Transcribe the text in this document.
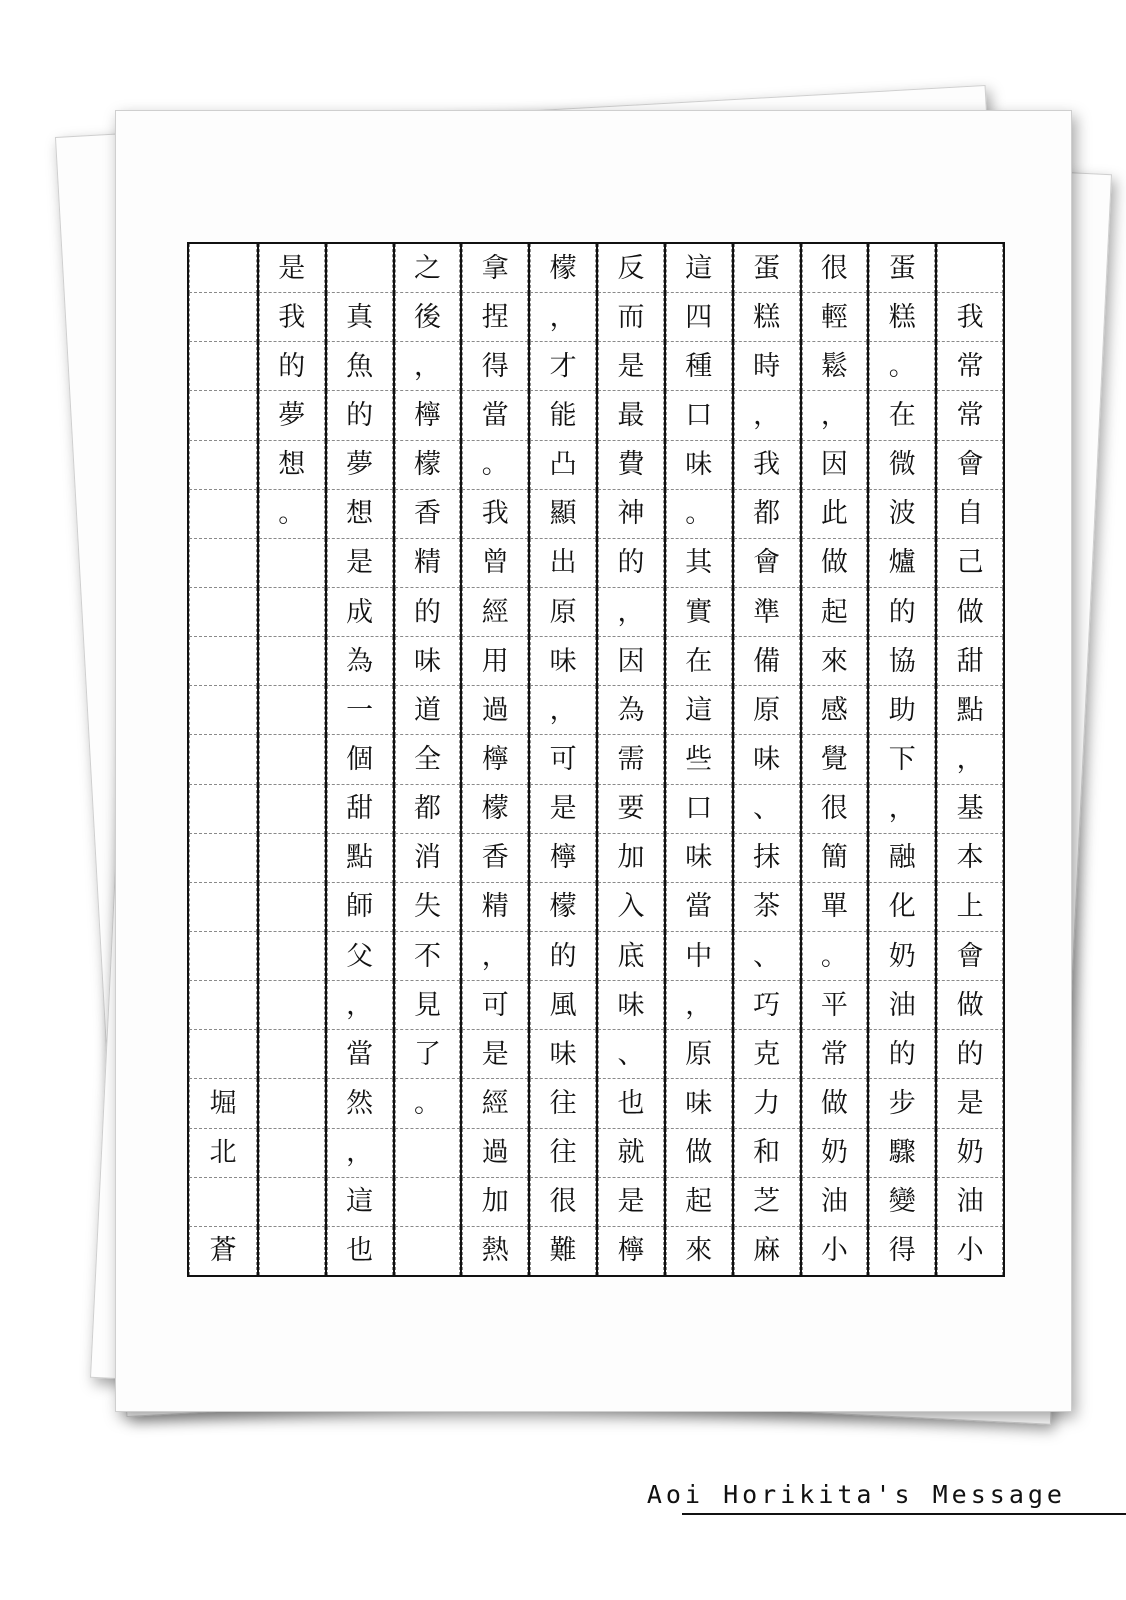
我
常
常
會
自
己
做
甜
點
，
基
本
上
會
做
的
是
奶
油
小
蛋
糕
。
在
微
波
爐
的
協
助
下
，
融
化
奶
油
的
步
驟
變
得
很
輕
鬆
，
因
此
做
起
來
感
覺
很
簡
單
。
平
常
做
奶
油
小
蛋
糕
時
，
我
都
會
準
備
原
味
、
抹
茶
、
巧
克
力
和
芝
麻
這
四
種
口
味
。
其
實
在
這
些
口
味
當
中
，
原
味
做
起
來
反
而
是
最
費
神
的
，
因
為
需
要
加
入
底
味
、
也
就
是
檸
檬
，
才
能
凸
顯
出
原
味
，
可
是
檸
檬
的
風
味
往
往
很
難
拿
捏
得
當
。
我
曾
經
用
過
檸
檬
香
精
，
可
是
經
過
加
熱
之
後
，
檸
檬
香
精
的
味
道
全
都
消
失
不
見
了
。
真
魚
的
夢
想
是
成
為
一
個
甜
點
師
父
，
當
然
，
這
也
是
我
的
夢
想
。
堀
北
蒼
Aoi Horikita's Message
